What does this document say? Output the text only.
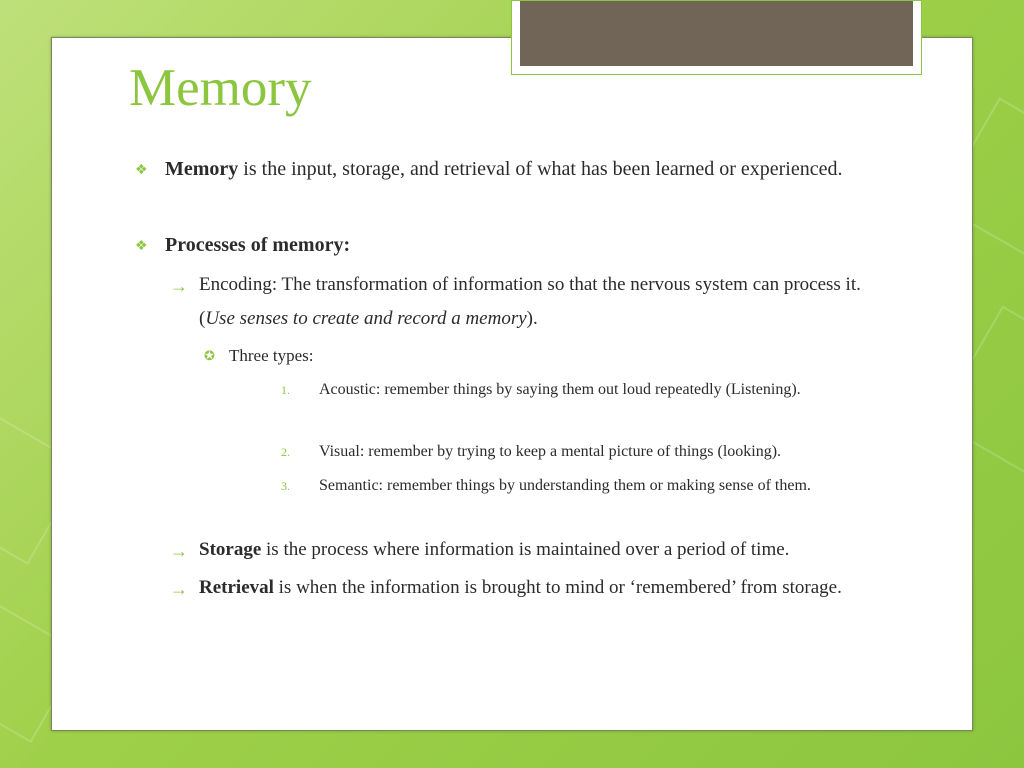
Memory
❖ Memory is the input, storage, and retrieval of what has been learned or experienced.
❖ Processes of memory:
→ Encoding: The transformation of information so that the nervous system can process it. (Use senses to create and record a memory).
✪ Three types:
1. Acoustic: remember things by saying them out loud repeatedly (Listening).
2. Visual: remember by trying to keep a mental picture of things (looking).
3. Semantic: remember things by understanding them or making sense of them.
→ Storage is the process where information is maintained over a period of time.
→ Retrieval is when the information is brought to mind or ‘remembered’ from storage.
